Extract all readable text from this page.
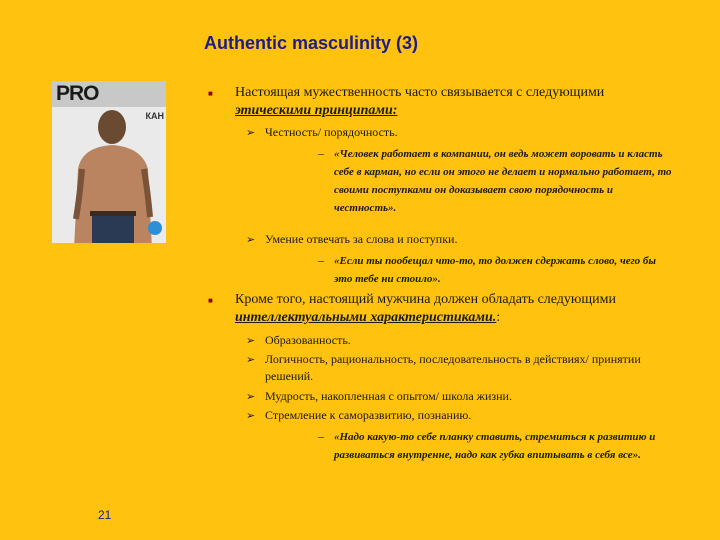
Authentic masculinity (3)
PRO
КАН
■ Настоящая мужественность часто связывается с следующими этическими принципами:
➢ Честность/ порядочность.
– «Человек работает в компании, он ведь может воровать и класть себе в карман, но если он этого не делает и нормально работает, то своими поступками он доказывает свою порядочность и честность».
➢ Умение отвечать за слова и поступки.
– «Если ты пообещал что-то, то должен сдержать слово, чего бы это тебе ни стоило».
■ Кроме того, настоящий мужчина должен обладать следующими интеллектуальными характеристиками.:
➢ Образованность.
➢ Логичность, рациональность, последовательность в действиях/ принятии решений.
➢ Мудрость, накопленная с опытом/ школа жизни.
➢ Стремление к саморазвитию, познанию.
– «Надо какую-то себе планку ставить, стремиться к развитию и развиваться внутренне, надо как губка впитывать в себя все».
21
